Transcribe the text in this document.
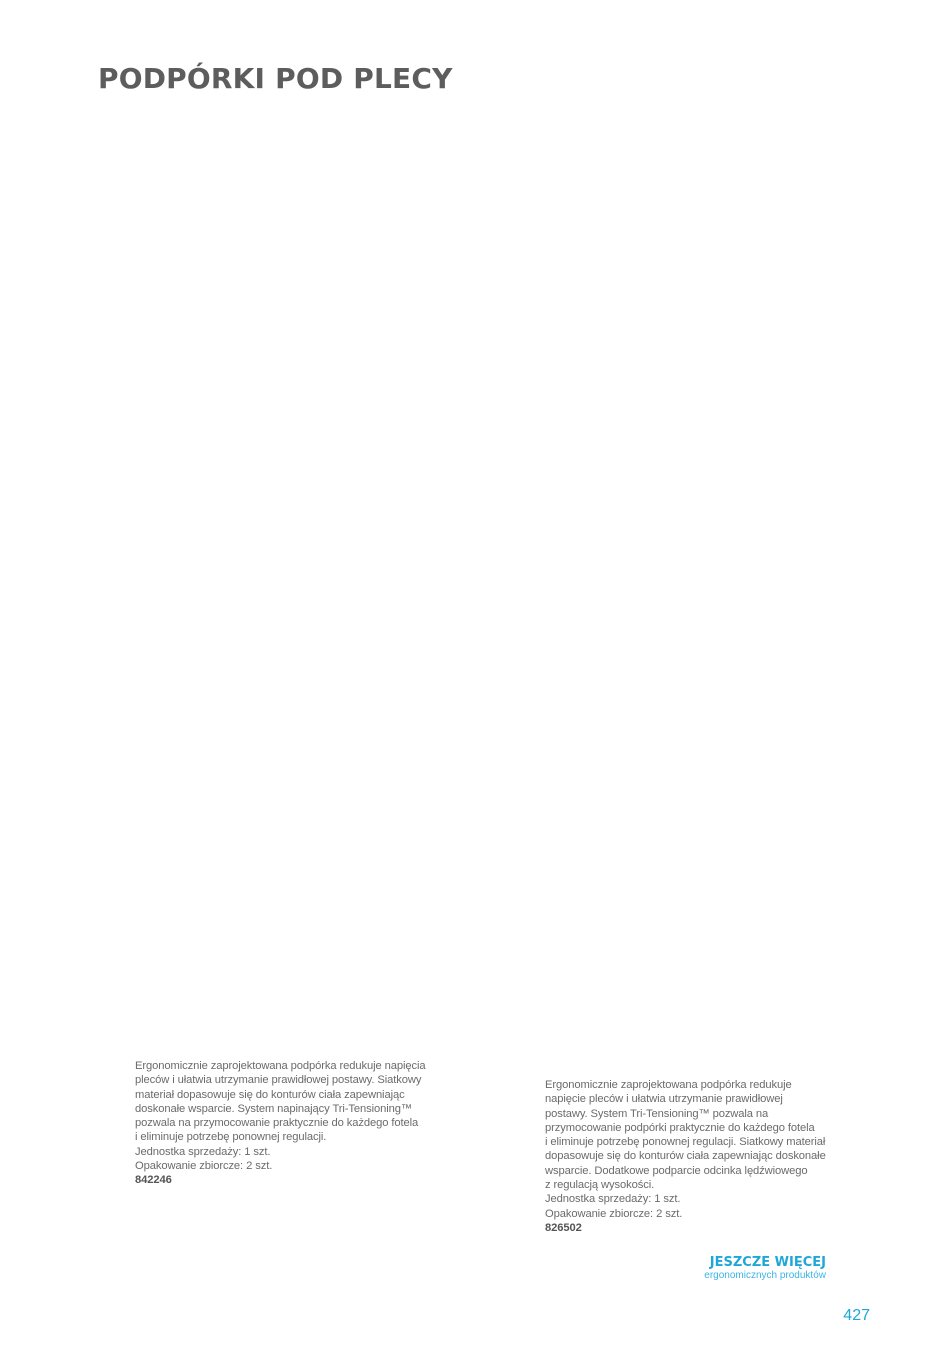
PODPÓRKI POD PLECY
Ergonomicznie zaprojektowana podpórka redukuje napięcia
pleców i ułatwia utrzymanie prawidłowej postawy. Siatkowy
materiał dopasowuje się do konturów ciała zapewniając
doskonałe wsparcie. System napinający Tri-Tensioning™
pozwala na przymocowanie praktycznie do każdego fotela
i eliminuje potrzebę ponownej regulacji.
Jednostka sprzedaży: 1 szt.
Opakowanie zbiorcze: 2 szt.
842246
Ergonomicznie zaprojektowana podpórka redukuje
napięcie pleców i ułatwia utrzymanie prawidłowej
postawy. System Tri-Tensioning™ pozwala na
przymocowanie podpórki praktycznie do każdego fotela
i eliminuje potrzebę ponownej regulacji. Siatkowy materiał
dopasowuje się do konturów ciała zapewniając doskonałe
wsparcie. Dodatkowe podparcie odcinka lędźwiowego
z regulacją wysokości.
Jednostka sprzedaży: 1 szt.
Opakowanie zbiorcze: 2 szt.
826502
JESZCZE WIĘCEJ
ergonomicznych produktów
427
